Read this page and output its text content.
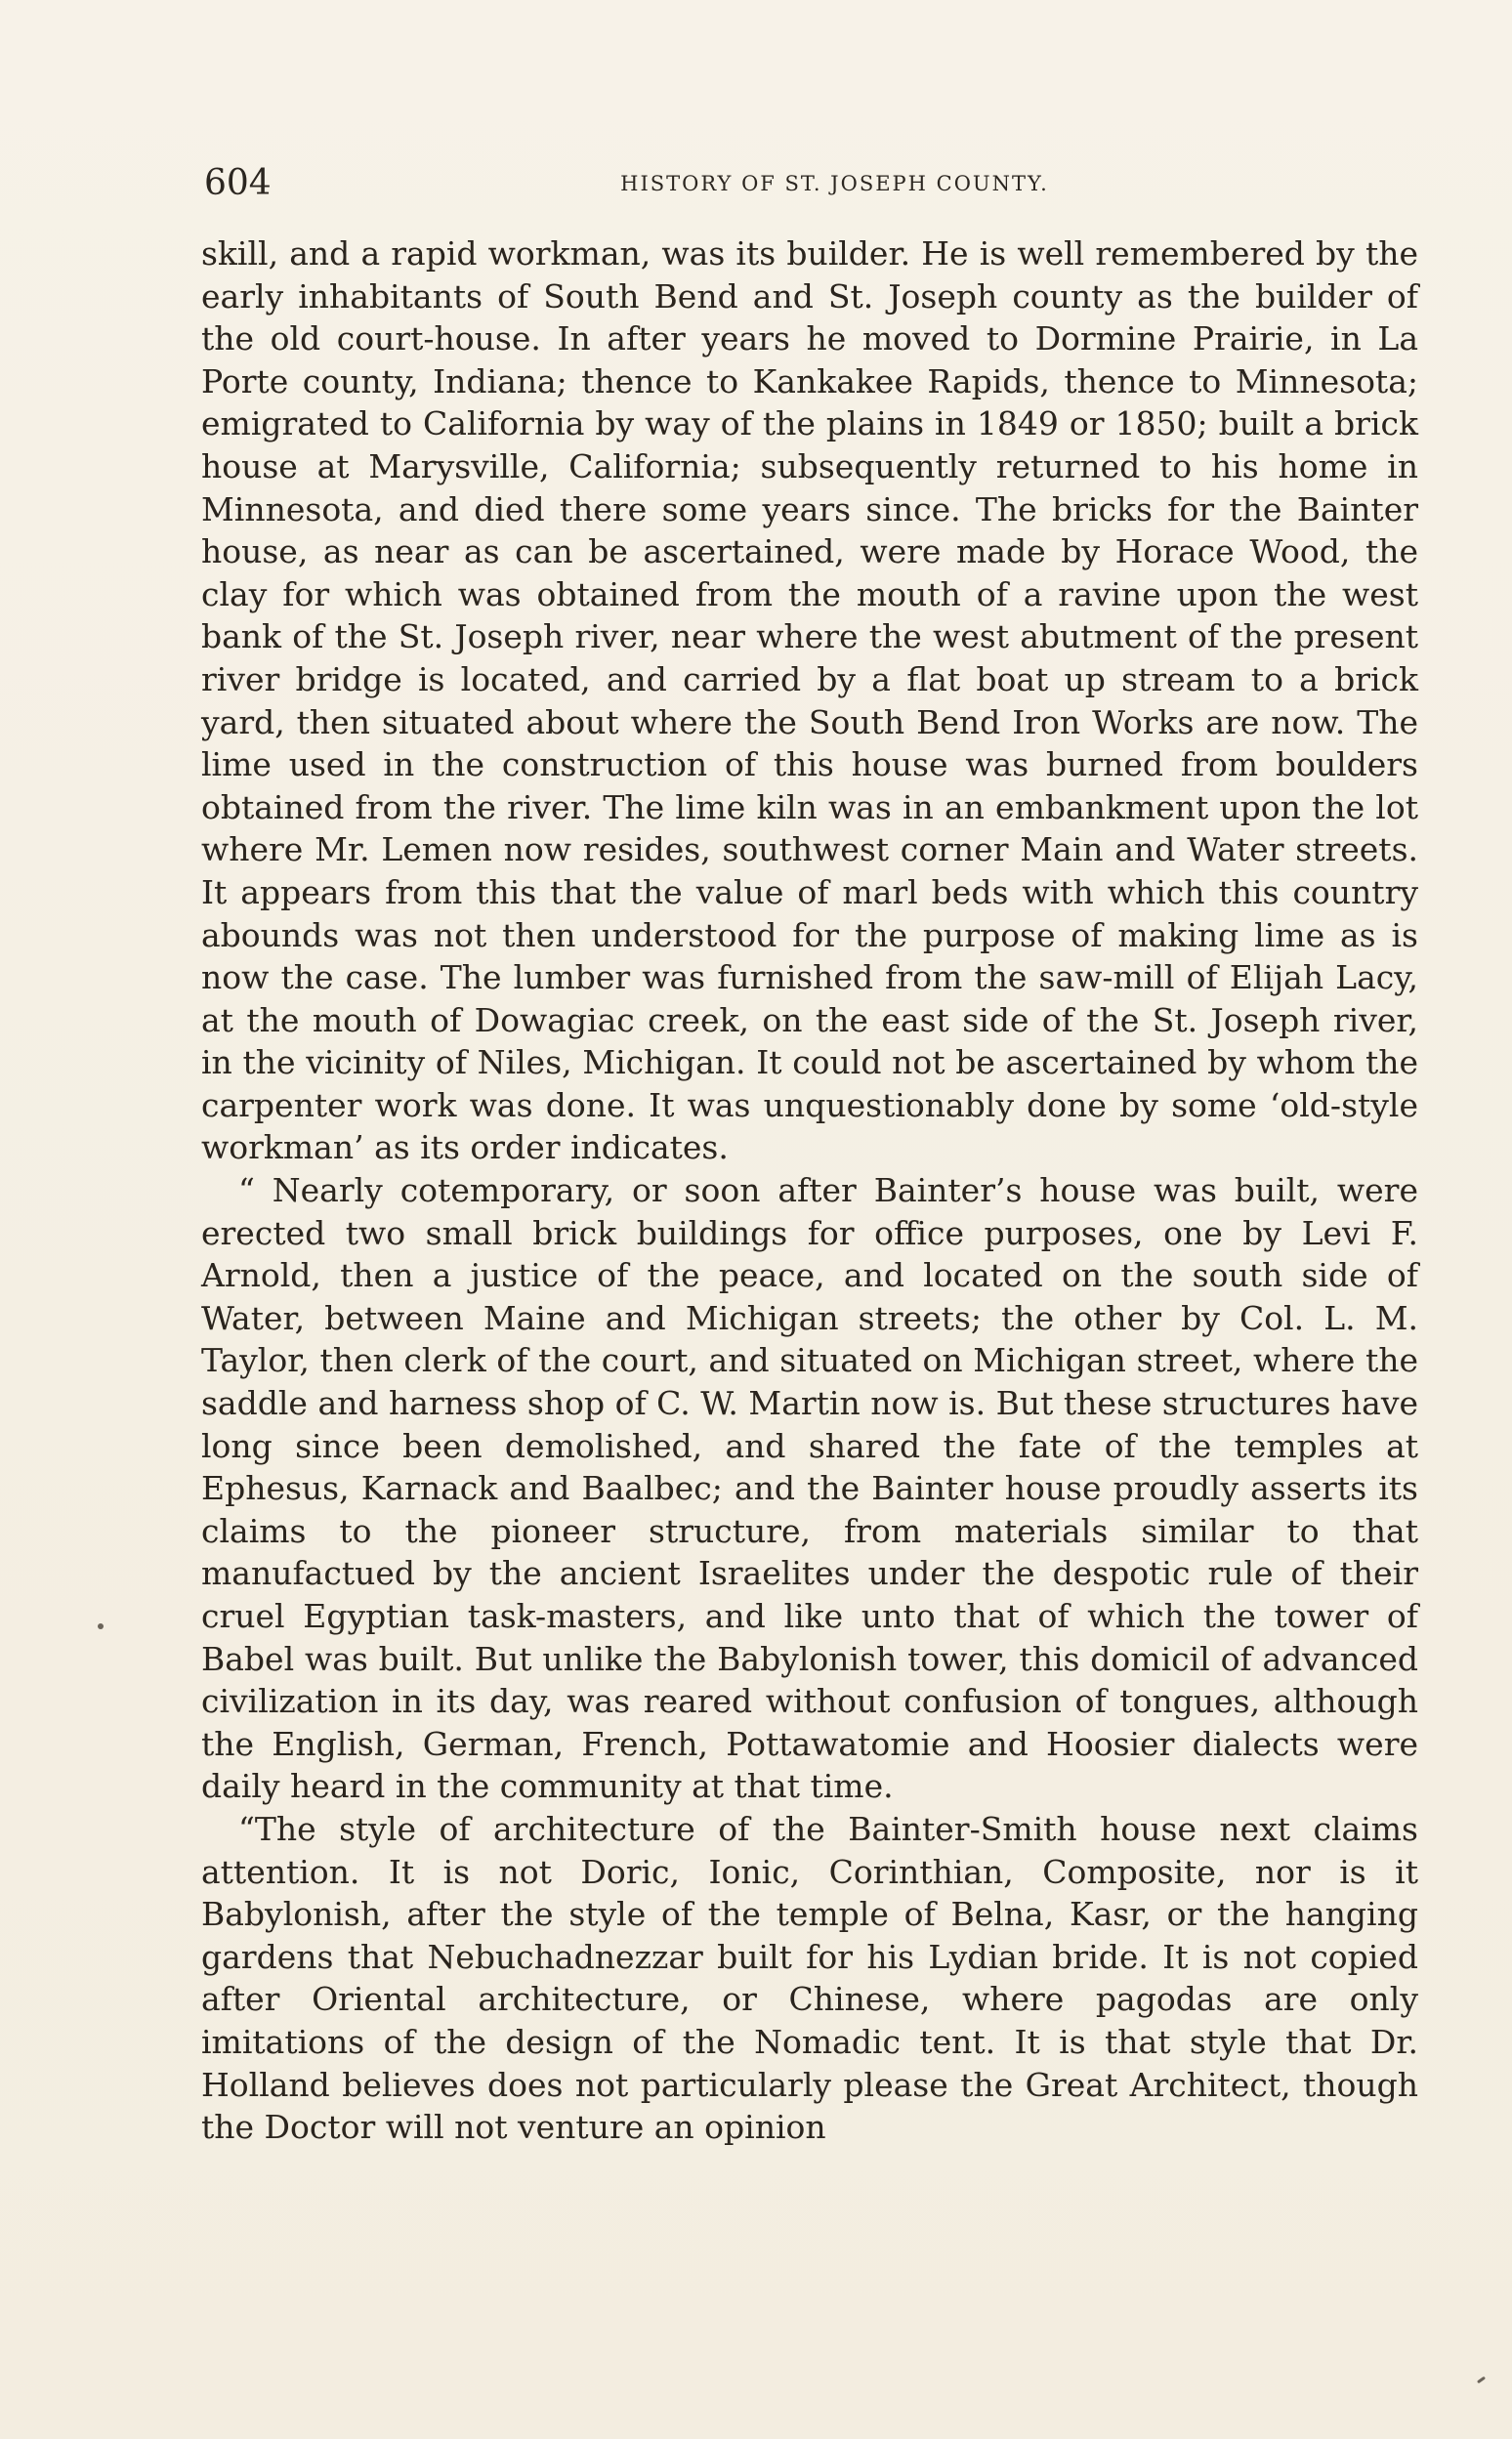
604	HISTORY OF ST. JOSEPH COUNTY.

skill, and a rapid workman, was its builder. He is well remembered by the early inhabitants of South Bend and St. Joseph county as the builder of the old court-house. In after years he moved to Dormine Prairie, in La Porte county, Indiana; thence to Kankakee Rapids, thence to Minnesota; emigrated to California by way of the plains in 1849 or 1850; built a brick house at Marysville, California; subsequently returned to his home in Minnesota, and died there some years since. The bricks for the Bainter house, as near as can be ascertained, were made by Horace Wood, the clay for which was obtained from the mouth of a ravine upon the west bank of the St. Joseph river, near where the west abutment of the present river bridge is located, and carried by a flat boat up stream to a brick yard, then situated about where the South Bend Iron Works are now. The lime used in the construction of this house was burned from boulders obtained from the river. The lime kiln was in an embankment upon the lot where Mr. Lemen now resides, southwest corner Main and Water streets. It appears from this that the value of marl beds with which this country abounds was not then understood for the purpose of making lime as is now the case. The lumber was furnished from the saw-mill of Elijah Lacy, at the mouth of Dowagiac creek, on the east side of the St. Joseph river, in the vicinity of Niles, Michigan. It could not be ascertained by whom the carpenter work was done. It was unquestionably done by some ‘old-style workman’ as its order indicates.

“ Nearly cotemporary, or soon after Bainter’s house was built, were erected two small brick buildings for office purposes, one by Levi F. Arnold, then a justice of the peace, and located on the south side of Water, between Maine and Michigan streets; the other by Col. L. M. Taylor, then clerk of the court, and situated on Michigan street, where the saddle and harness shop of C. W. Martin now is. But these structures have long since been demolished, and shared the fate of the temples at Ephesus, Karnack and Baalbec; and the Bainter house proudly asserts its claims to the pioneer structure, from materials similar to that manufactued by the ancient Israelites under the despotic rule of their cruel Egyptian task-masters, and like unto that of which the tower of Babel was built. But unlike the Babylonish tower, this domicil of advanced civilization in its day, was reared without confusion of tongues, although the English, German, French, Pottawatomie and Hoosier dialects were daily heard in the community at that time.

“The style of architecture of the Bainter-Smith house next claims attention. It is not Doric, Ionic, Corinthian, Composite, nor is it Babylonish, after the style of the temple of Belna, Kasr, or the hanging gardens that Nebuchadnezzar built for his Lydian bride. It is not copied after Oriental architecture, or Chinese, where pagodas are only imitations of the design of the Nomadic tent. It is that style that Dr. Holland believes does not particularly please the Great Architect, though the Doctor will not venture an opinion
